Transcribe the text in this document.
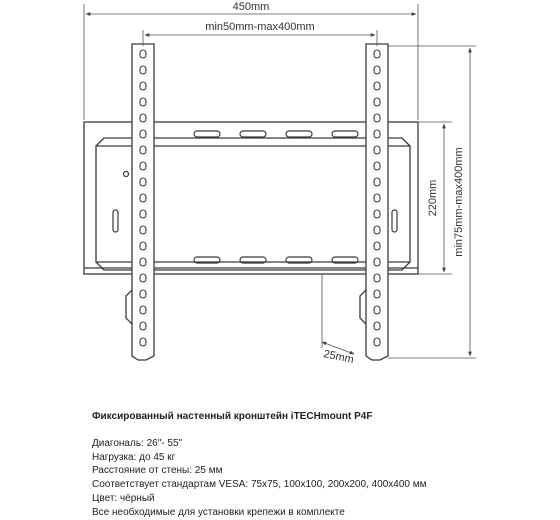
450mm
min50mm-max400mm
220mm min75mm-max400mm
25mm
Фиксированный настенный кронштейн iTECHmount P4F
Диагональ: 26"- 55"
Нагрузка: до 45 кг
Расстояние от стены: 25 мм
Соответствует стандартам VESA: 75x75, 100x100, 200x200, 400x400 мм
Цвет: чёрный
Все необходимые для установки крепежи в комплекте
